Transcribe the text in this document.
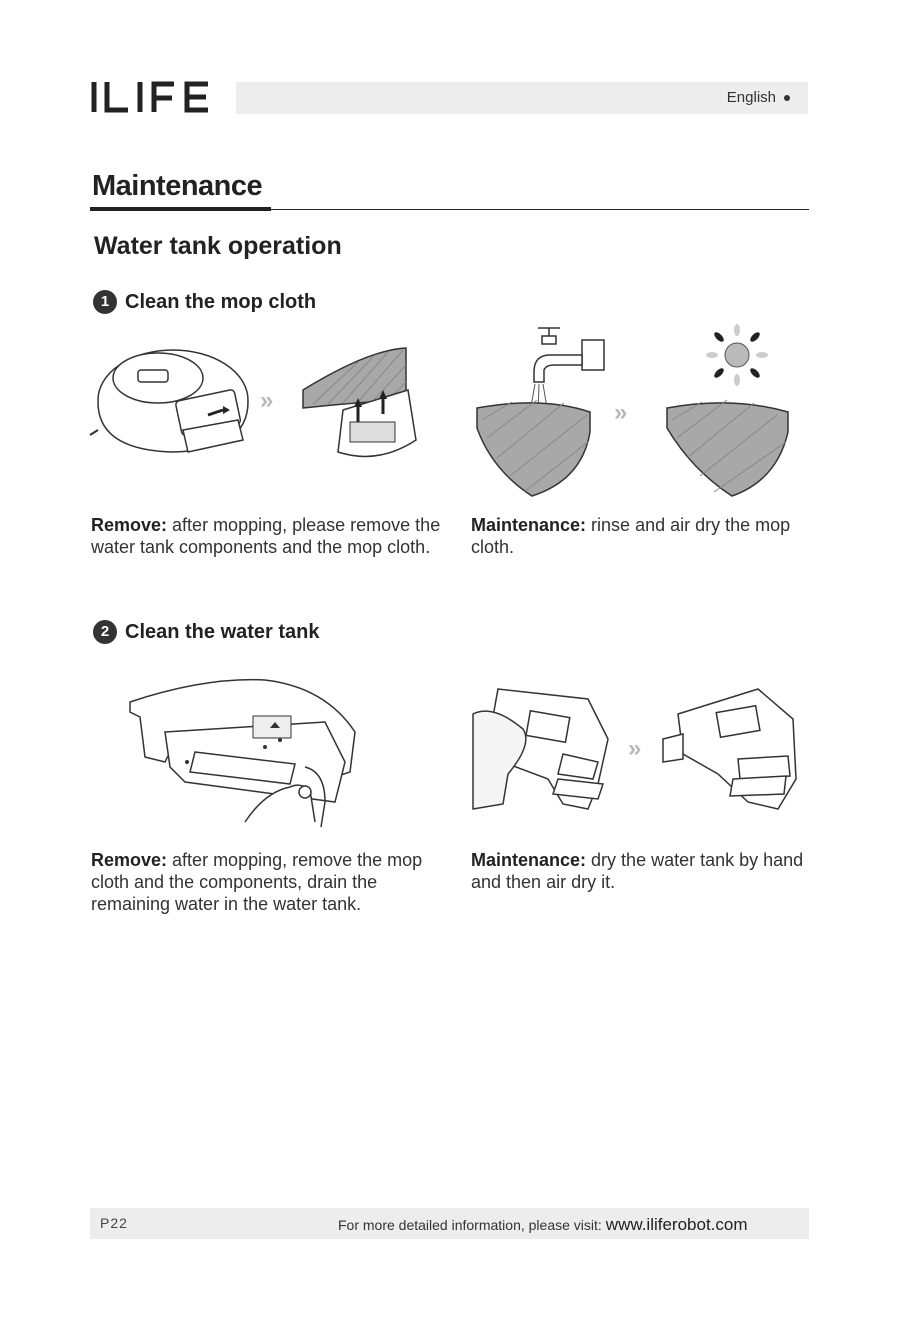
ILIFE
English
Maintenance
Water tank operation
1 Clean the mop cloth
»	»
Remove: after mopping, please remove the water tank components and the mop cloth.
Maintenance: rinse and air dry the mop cloth.
2 Clean the water tank
»
Remove: after mopping, remove the mop cloth and the components, drain the remaining water in the water tank.
Maintenance: dry the water tank by hand and then air dry it.
P22	For more detailed information, please visit: www.iliferobot.com
